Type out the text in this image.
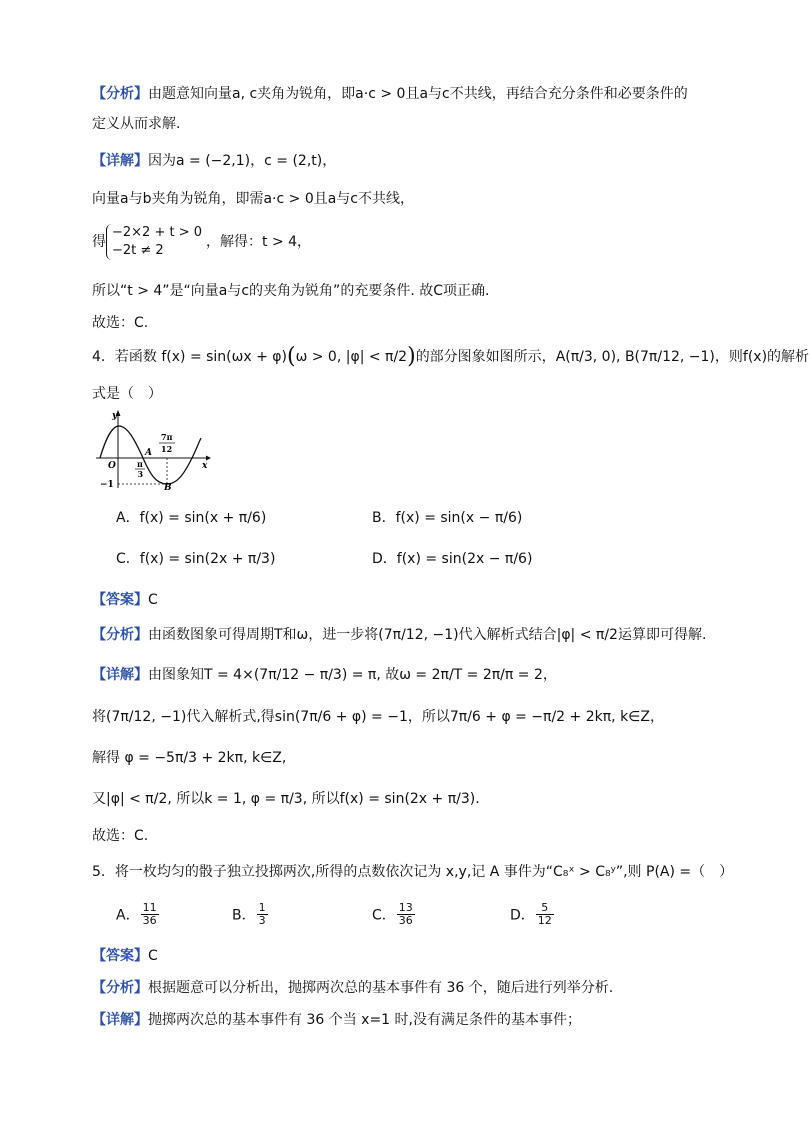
【分析】由题意知向量a, c夹角为锐角，即a·c > 0且a与c不共线，再结合充分条件和必要条件的
定义从而求解.
【详解】因为a = (−2,1)，c = (2,t)，
向量a与b夹角为锐角，即需a·c > 0且a与c不共线，
得
−2×2 + t > 0
−2t ≠ 2
，解得：t > 4，
所以“t > 4”是“向量a与c的夹角为锐角”的充要条件. 故C项正确.
故选：C.
4．若函数 f(x) = sin(ωx + φ)(ω > 0, |φ| < π/2)的部分图象如图所示，A(π/3, 0), B(7π/12, −1)，则f(x)的解析
式是（　）
y
x
O
A
B
−1
π
3
7π
12
A．f(x) = sin(x + π/6)	B．f(x) = sin(x − π/6)
C．f(x) = sin(2x + π/3)	D．f(x) = sin(2x − π/6)
【答案】C
【分析】由函数图象可得周期T和ω，进一步将(7π/12, −1)代入解析式结合|φ| < π/2运算即可得解.
【详解】由图象知T = 4×(7π/12 − π/3) = π, 故ω = 2π/T = 2π/π = 2，
将(7π/12, −1)代入解析式,得sin(7π/6 + φ) = −1，所以7π/6 + φ = −π/2 + 2kπ, k∈Z，
解得 φ = −5π/3 + 2kπ, k∈Z,
又|φ| < π/2, 所以k = 1, φ = π/3, 所以f(x) = sin(2x + π/3).
故选：C.
5．将一枚均匀的骰子独立投掷两次,所得的点数依次记为 x,y,记 A 事件为“C₈ˣ > C₈ʸ”,则 P(A) =（　）
A． $\frac{11}{36}$	B． $\frac{1}{3}$	C． $\frac{13}{36}$	D． $\frac{5}{12}$
【答案】C
【分析】根据题意可以分析出，抛掷两次总的基本事件有 36 个，随后进行列举分析.
【详解】抛掷两次总的基本事件有 36 个当 x=1 时,没有满足条件的基本事件；
